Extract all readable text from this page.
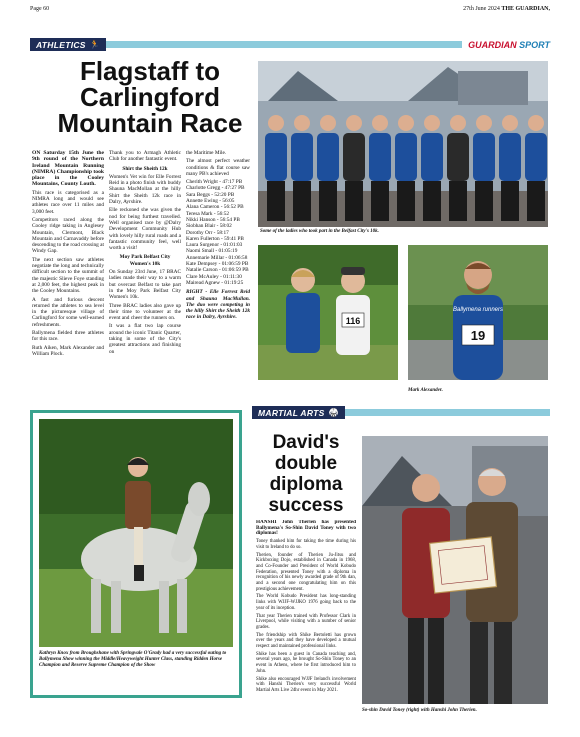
Page 60	27th June 2024 THE GUARDIAN,
ATHLETICS 🏃	GUARDIAN SPORT
Flagstaff to Carlingford Mountain Race

ON Saturday 15th June the 9th round of the Northern Ireland Mountain Running (NIMRA) Championship took place in the Cooley Mountains, County Louth.

This race is categorised as a NIMRA long and would see athletes race over 11 miles and 3,000 feet.

Competitors raced along the Cooley ridge taking in Anglesey Mountain, Clermont, Black Mountain and Carnavaddy before descending to the road crossing at Windy Gap.

The next section saw athletes negotiate the long and technically difficult section to the summit of the majestic Slieve Foye standing at 2,000 feet, the highest peak in the Cooley Mountains.

A fast and furious descent returned the athletes to sea level in the picturesque village of Carlingford for some well-earned refreshments.

Ballymena fielded three athletes for this race.

Ruth Aiken, Mark Alexander and William Plock.

Thank you to Armagh Athletic Club for another fantastic event.

Shirt the Sheith 12k

Women's Vet win for Elle Forrest Reid in a photo finish with buddy Shauna MacMollan at the hilly Shirt the Sheith 12k race in Dalry, Ayrshire.

Elle reckoned she was given the nod for being furthest travelled. Well organised race by @Dalry Development Community Hub with lovely hilly rural roads and a fantastic community feel, well worth a visit!

Moy Park Belfast City Women's 10k

On Sunday 23rd June, 17 BRAC ladies made their way to a warm but overcast Belfast to take part in the Moy Park Belfast City Women's 10k.

Three BRAC ladies also gave up their time to volunteer at the event and cheer the runners on.

It was a flat two lap course around the iconic Titanic Quarter, taking in some of the City's greatest attractions and finishing on

the Maritime Mile.

The almost perfect weather conditions & flat course saw many PB's achieved

Cherith Wright - 47:17 PB
Charlotte Gregg - 47:27 PB
Sara Beggs - 52:20 PB
Annette Ewing - 56:05
Alana Cameron - 56:52 PB
Teresa Mark - 56:52
Nikki Hanson - 56:54 PB
Siobhan Blair - 58:02
Dorothy Orr - 58:17
Karen Fullerton - 59:41 PB
Laura Surgenor - 01:01:03
Naomi Small - 01:05:19
Annemarie Millar - 01:06:58
Kate Dempsey - 01:06:59 PB
Natalie Carson - 01:06:59 PB
Clare McAuley - 01:11:30
Mairead Agnew - 01:19:25

RIGHT - Elle Forrest Reid and Shauna MacMullan. The duo were competing in the hilly Shirt the Sheith 12k race in Dalry, Ayrshire.

Some of the ladies who took part in the Belfast City's 10k.
116
Ballymena runners
19
Mark Alexander.
MARTIAL ARTS 🥋
Kathryn Knox from Broughshane with Springvale O'Grady had a very successful outing to Ballymena Show winning the Middle/Heavyweight Hunter Class, standing Ridden Horse Champion and Reserve Supreme Champion of the Show
David's double diploma success

HANSHI John Therien has presented Ballymena's So-Shin David Toney with two diplomas!

Toney thanked him for taking the time during his visit to Ireland to do so.

Therien, founder of Therien Ju-Jitsu and Kickboxing Dojo, established in Canada in 1968, and Co-Founder and President of World Kobudo Federation, presented Toney with a diploma in recognition of his newly awarded grade of 9th dan, and a second one congratulating him on this prestigious achievement.

The World Kobudo President has long-standing links with WJJF-WJJKO 1976 going back to the year of its inception.

That year Therien trained with Professor Clark in Liverpool, while visiting with a number of senior grades.

The friendship with Shike Bertoletti has grown over the years and they have developed a mutual respect and maintained professional links.

Shike has been a guest in Canada teaching and, several years ago, he brought So-Shin Toney to an event in Athens, where he first introduced him to John.

Shike also encouraged WJJF Ireland's involvement with Hanshi Therien's very successful World Martial Arts Live 24hr event in May 2021.

So-shin David Toney (right) with Hanshi John Therien.
